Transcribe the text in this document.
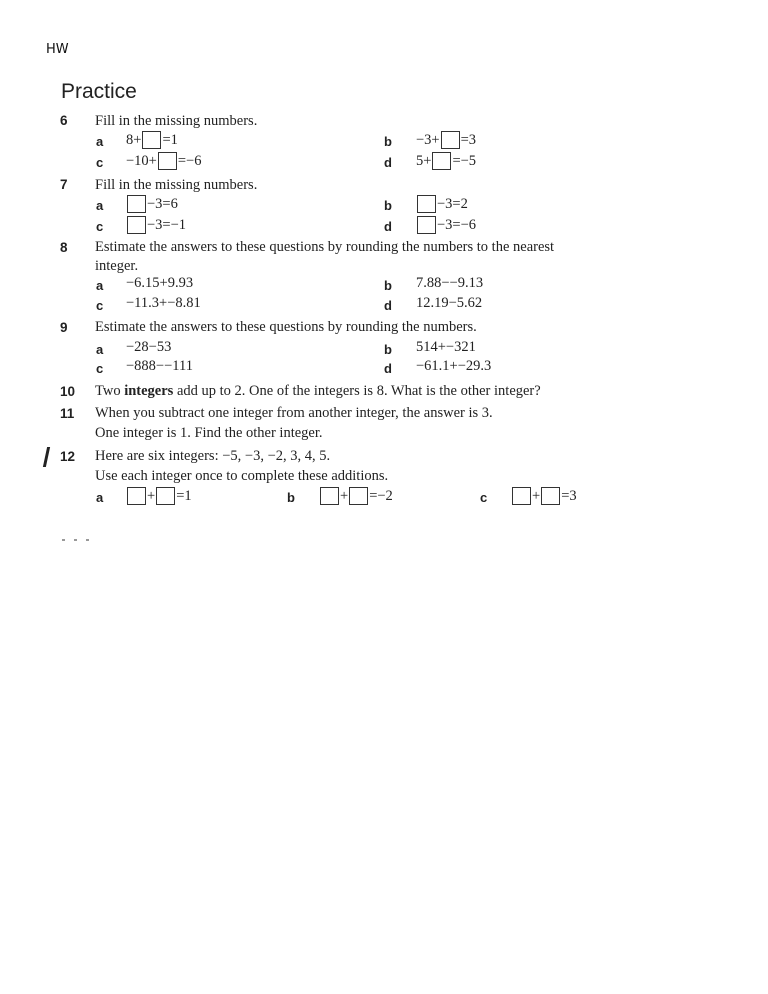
HW
Practice
6 Fill in the missing numbers.
a 8+ =1	b −3+ =3
c −10+ =−6	d 5+ =−5
7 Fill in the missing numbers.
a	−3=6	b	−3=2
c	−3=−1	d	−3=−6
8 Estimate the answers to these questions by rounding the numbers to the nearest
integer.
a −6.15+9.93	b 7.88−−9.13
c −11.3+−8.81	d 12.19−5.62
9 Estimate the answers to these questions by rounding the numbers.
a −28−53	b 514+−321
c −888−−111	d −61.1+−29.3
10 Two integers add up to 2. One of the integers is 8. What is the other integer?
11 When you subtract one integer from another integer, the answer is 3.
One integer is 1. Find the other integer.
12 Here are six integers: −5, −3, −2, 3, 4, 5.
Use each integer once to complete these additions.
a	+ =1	b	+ =−2	c	+ =3
